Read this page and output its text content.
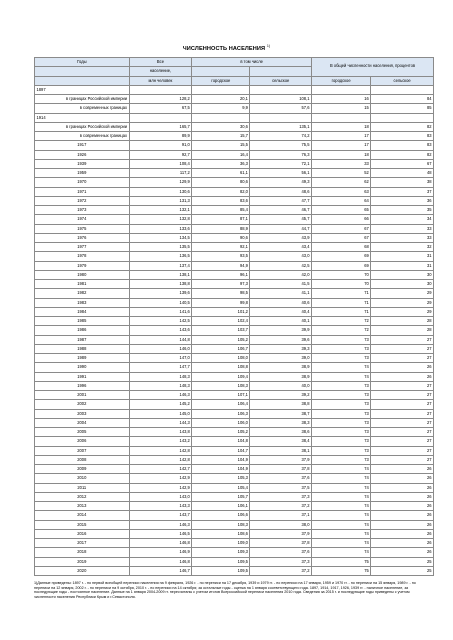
ЧИСЛЕННОСТЬ НАСЕЛЕНИЯ $^{1)}$
Годы	Все	в том числе		В общей численности населения, процентов	
	население,				
	млн человек	городское	сельское	городское	сельское
1897					
в границах Российской империи	128,2	20,1	108,1	16	84
в современных границах	67,5	9,9	57,6	15	85
1914					
в границах Российской империи	165,7	30,6	135,1	18	82
в современных границах	89,9	15,7	74,2	17	83
1917	91,0	15,5	75,5	17	83
1926	92,7	16,4	76,3	18	82
1939	108,4	36,3	72,1	33	67
1959	117,2	61,1	56,1	52	48
1970	129,9	80,6	49,3	62	38
1971	130,6	82,0	48,6	63	37
1972	131,3	83,6	47,7	64	36
1973	132,1	85,4	46,7	65	35
1974	132,8	87,1	45,7	66	34
1975	133,6	88,9	44,7	67	33
1976	134,5	90,6	43,9	67	33
1977	135,5	92,1	43,4	68	32
1978	136,5	93,5	43,0	69	31
1979	137,4	94,9	42,5	69	31
1980	138,1	96,1	42,0	70	30
1981	138,8	97,3	41,5	70	30
1982	139,6	98,5	41,1	71	29
1983	140,5	99,8	40,6	71	29
1984	141,6	101,2	40,4	71	29
1985	142,5	102,4	40,1	72	28
1986	143,6	103,7	39,9	72	28
1987	144,8	105,2	39,6	73	27
1988	146,0	106,7	39,3	73	27
1989	147,0	108,0	39,0	73	27
1990	147,7	108,8	38,9	74	26
1991	148,3	109,4	38,9	74	26
1996	148,3	108,3	40,0	73	27
2001	146,3	107,1	39,2	73	27
2002	145,2	106,4	38,8	73	27
2003	145,0	106,3	38,7	73	27
2004	144,3	106,0	38,3	73	27
2005	143,8	105,2	38,6	73	27
2006	143,2	104,8	38,4	73	27
2007	142,8	104,7	38,1	73	27
2008	142,8	104,9	37,9	73	27
2009	142,7	104,9	37,8	74	26
2010	142,9	105,3	37,6	74	26
2011	142,9	105,4	37,5	74	26
2012	143,0	105,7	37,3	74	26
2013	143,3	106,1	37,2	74	26
2014	143,7	106,6	37,1	74	26
2015	146,3	108,3	38,0	74	26
2016	146,5	108,6	37,9	74	26
2017	146,8	109,0	37,8	74	26
2018	146,9	109,3	37,6	74	26
2019	146,8	109,5	37,3	75	25
2020	146,7	109,5	37,2	75	25
1)Данные приведены: 1897 г. - по первой всеобщей переписи населения на 9 февраля, 1926 г. - по переписи на 17 декабря, 1939 и 1979 гг. - по переписи на 17 января, 1959 и 1970 гг. - по переписи на 15 января, 1989 г. - по переписи на 12 января, 2002 г. - по переписи на 9 октября, 2010 г. - по переписи на 14 октября; за остальные годы - оценка на 1 января соответствующего года. 1897, 1914, 1917, 1926, 1939 гг. - наличное население, за последующие годы - постоянное население. Данные на 1 января 2004-2009 гг. пересчитаны с учетом итогов Всероссийской переписи населения 2010 года. Сведения за 2015 г. и последующие годы приведены с учетом численности населения Республики Крым и г.Севастополя.
